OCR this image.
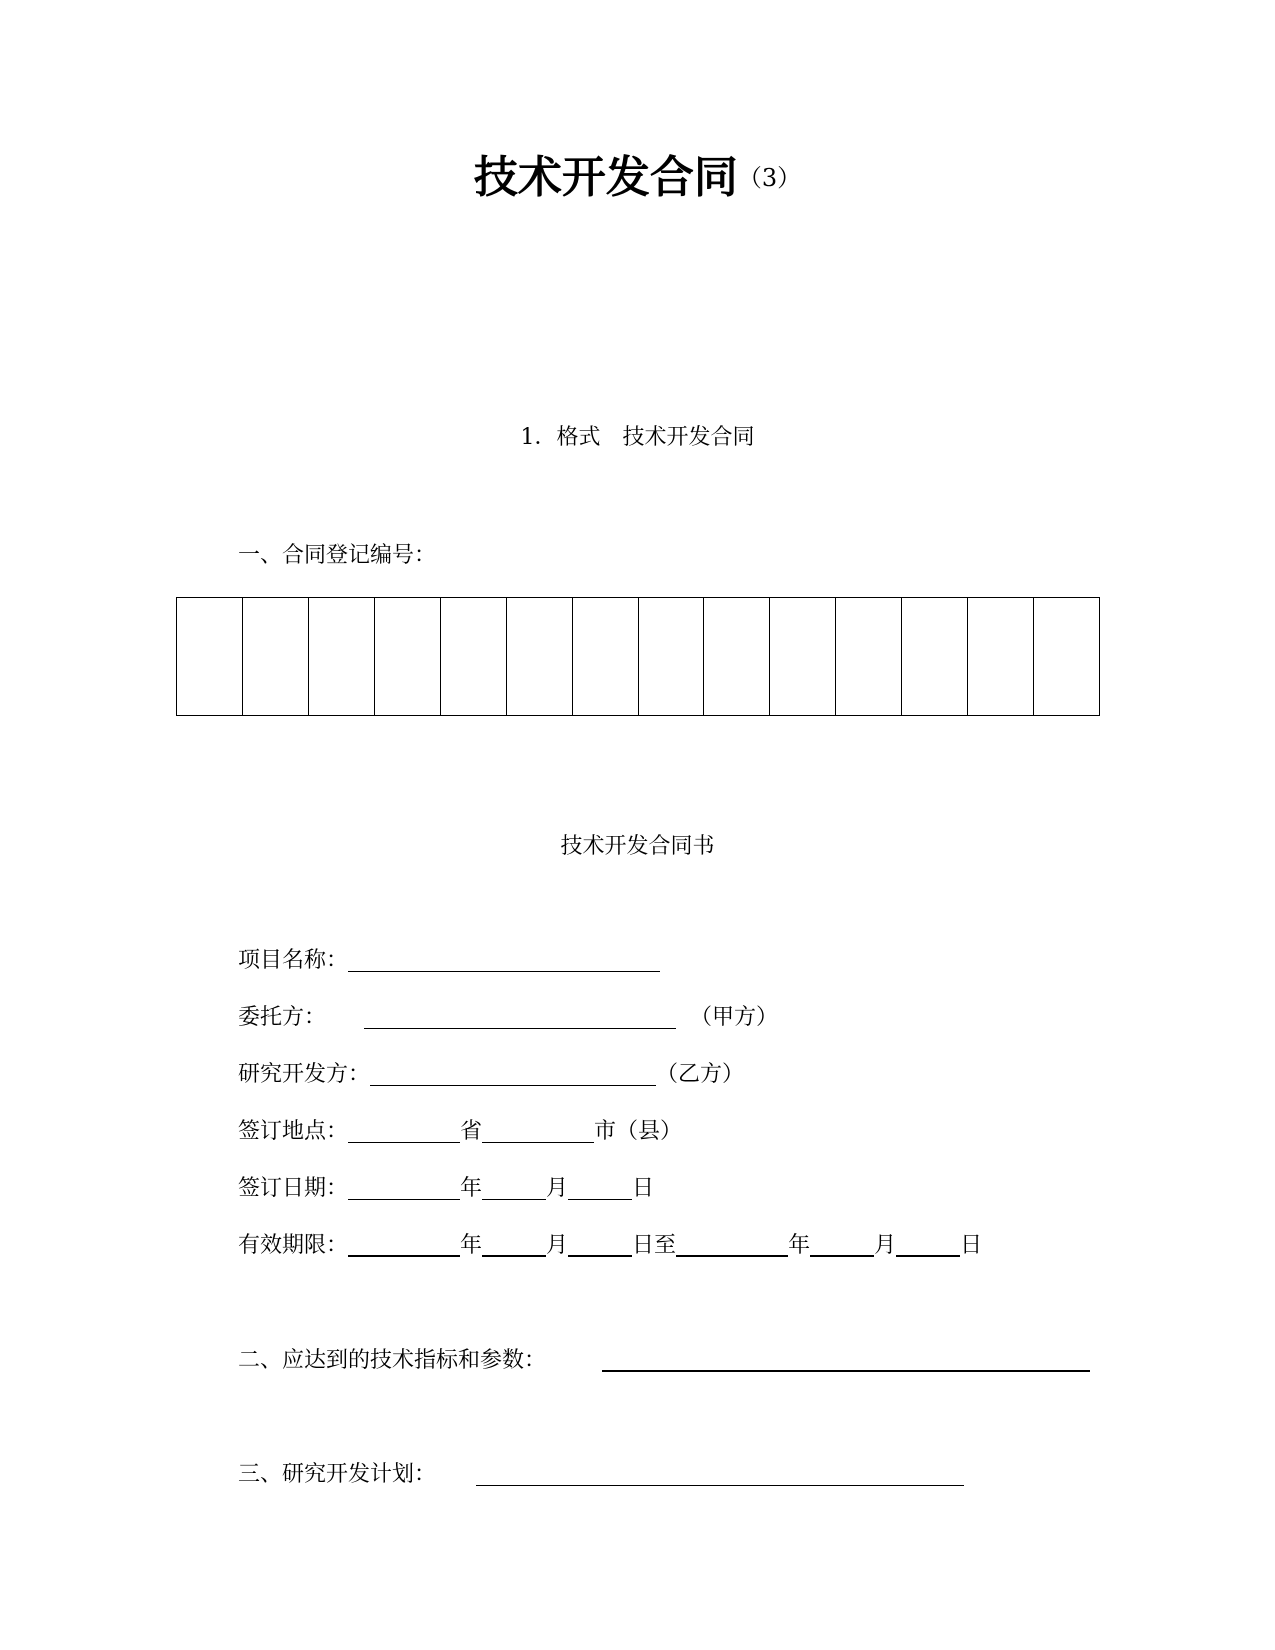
技术开发合同（3）
1．格式　技术开发合同
一、合同登记编号：
技术开发合同书
项目名称：
委托方：	（甲方）
研究开发方：	（乙方）
签订地点：	省	市（县）
签订日期：	年	月	日
有效期限：	年	月	日至	年	月	日
二、应达到的技术指标和参数：
三、研究开发计划：
